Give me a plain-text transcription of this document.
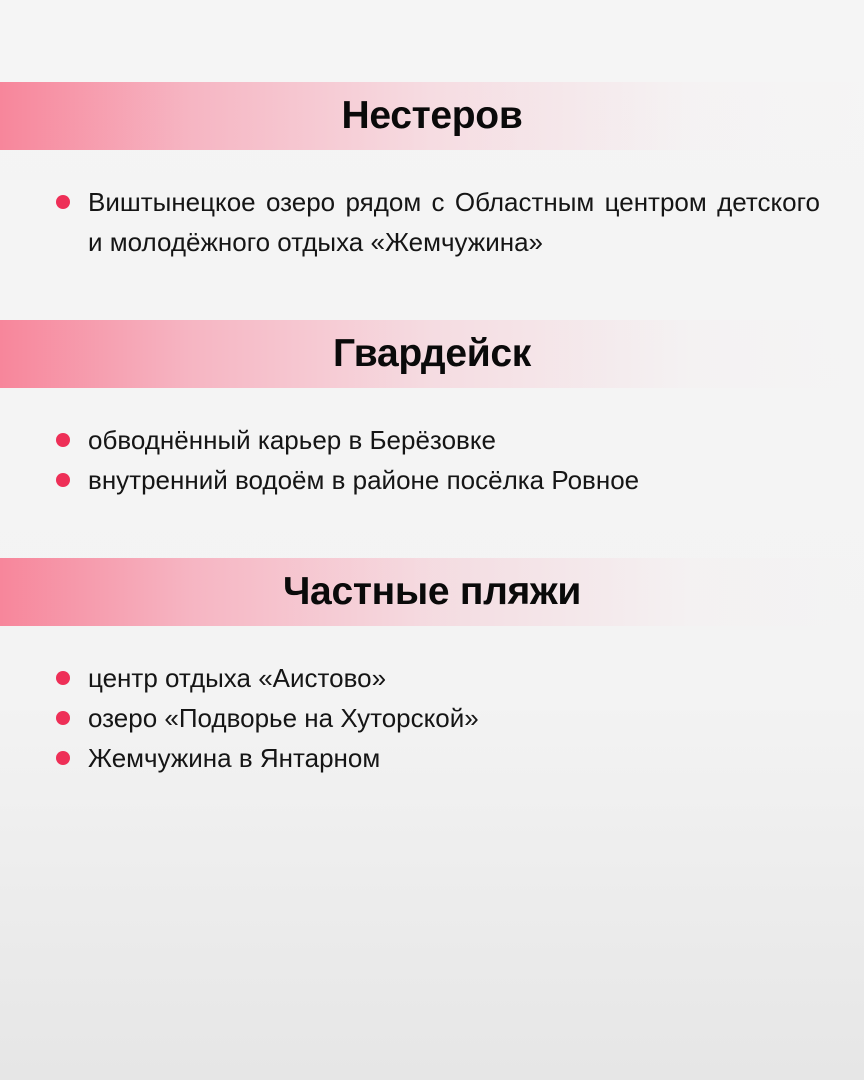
Нестеров
Виштынецкое озеро рядом с Областным центром детского и молодёжного отдыха «Жемчужина»
Гвардейск
обводнённый карьер в Берёзовке
внутренний водоём в районе посёлка Ровное
Частные пляжи
центр отдыха «Аистово»
озеро «Подворье на Хуторской»
Жемчужина в Янтарном
